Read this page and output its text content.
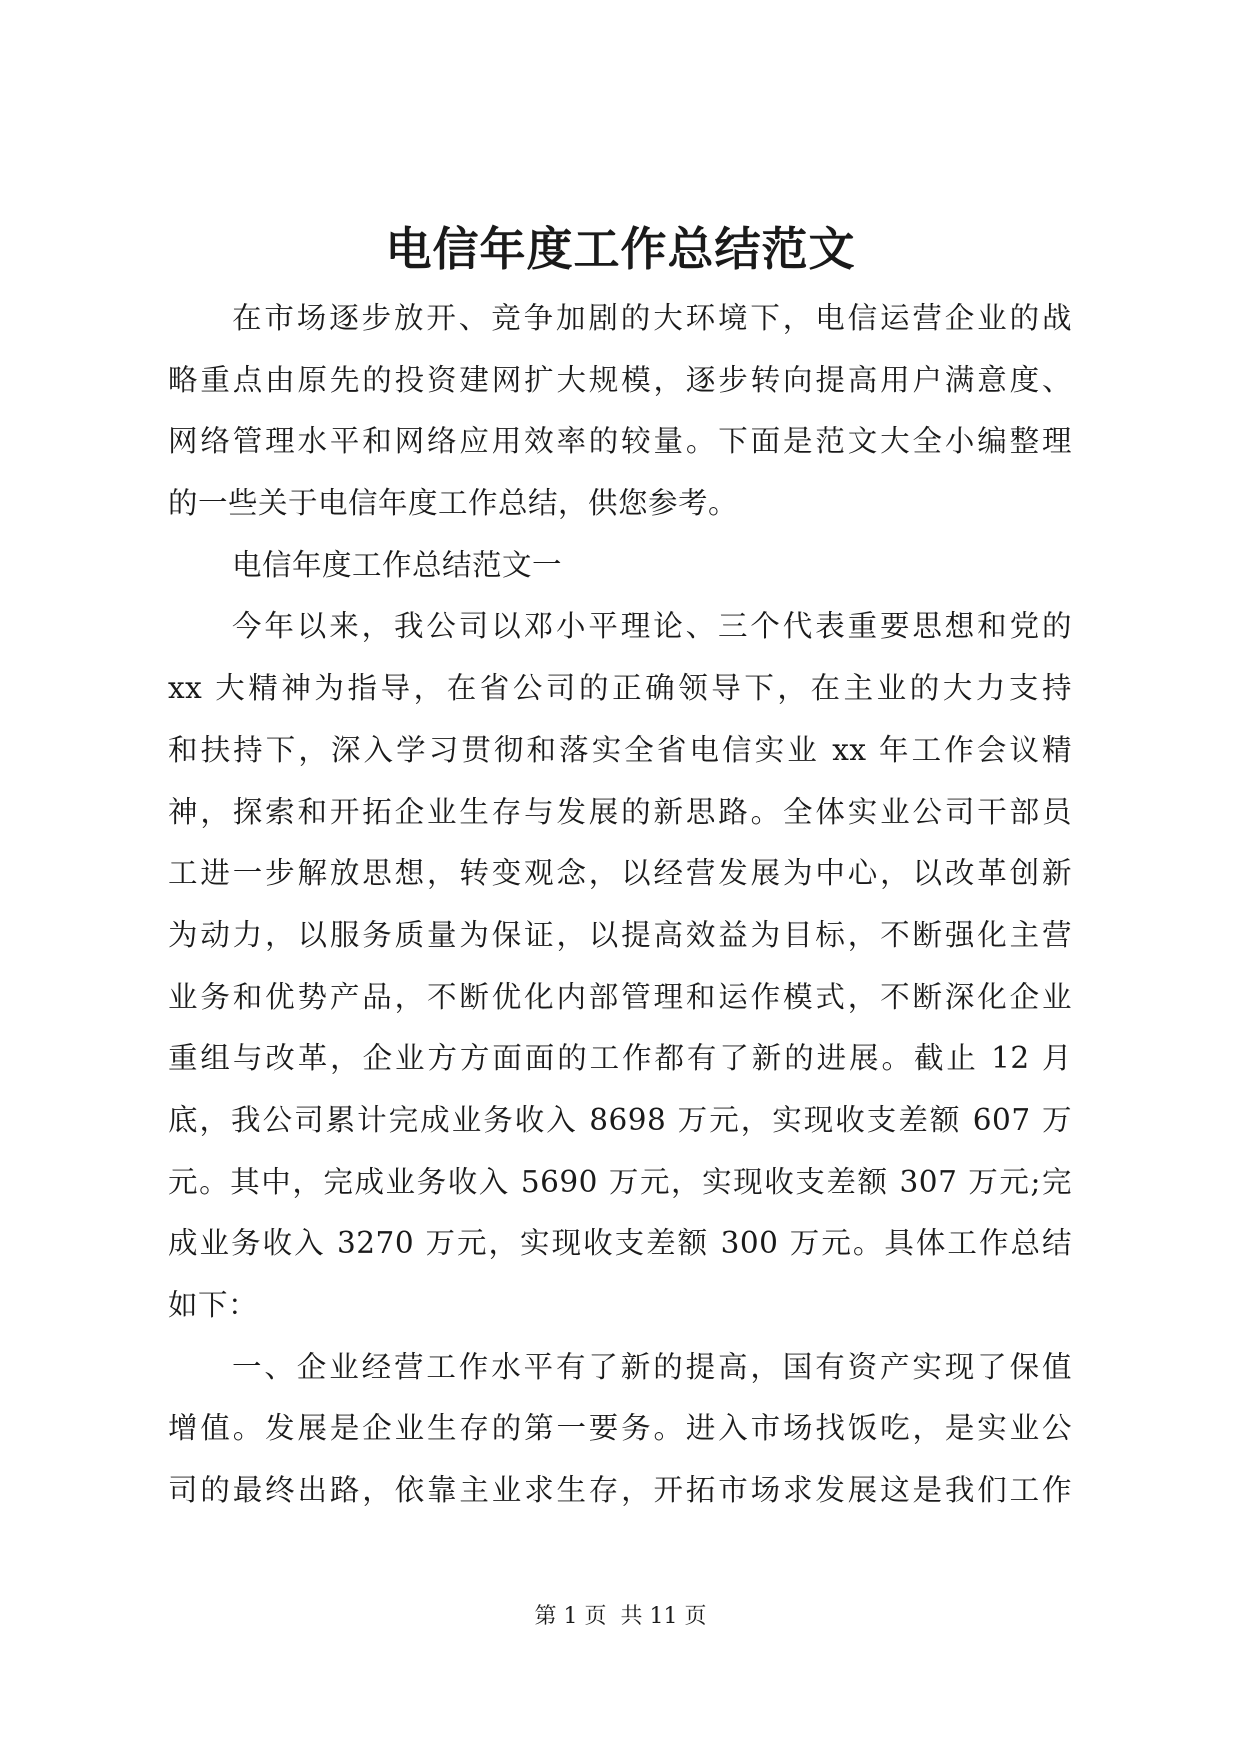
电信年度工作总结范文
在市场逐步放开、竞争加剧的大环境下，电信运营企业的战
略重点由原先的投资建网扩大规模，逐步转向提高用户满意度、
网络管理水平和网络应用效率的较量。下面是范文大全小编整理
的一些关于电信年度工作总结，供您参考。
电信年度工作总结范文一
今年以来，我公司以邓小平理论、三个代表重要思想和党的
xx 大精神为指导，在省公司的正确领导下，在主业的大力支持
和扶持下，深入学习贯彻和落实全省电信实业 xx 年工作会议精
神，探索和开拓企业生存与发展的新思路。全体实业公司干部员
工进一步解放思想，转变观念，以经营发展为中心，以改革创新
为动力，以服务质量为保证，以提高效益为目标，不断强化主营
业务和优势产品，不断优化内部管理和运作模式，不断深化企业
重组与改革，企业方方面面的工作都有了新的进展。截止 12 月
底，我公司累计完成业务收入 8698 万元，实现收支差额 607 万
元。其中，完成业务收入 5690 万元，实现收支差额 307 万元;完
成业务收入 3270 万元，实现收支差额 300 万元。具体工作总结
如下：
一、企业经营工作水平有了新的提高，国有资产实现了保值
增值。发展是企业生存的第一要务。进入市场找饭吃，是实业公
司的最终出路，依靠主业求生存，开拓市场求发展这是我们工作
第 1 页 共 11 页
